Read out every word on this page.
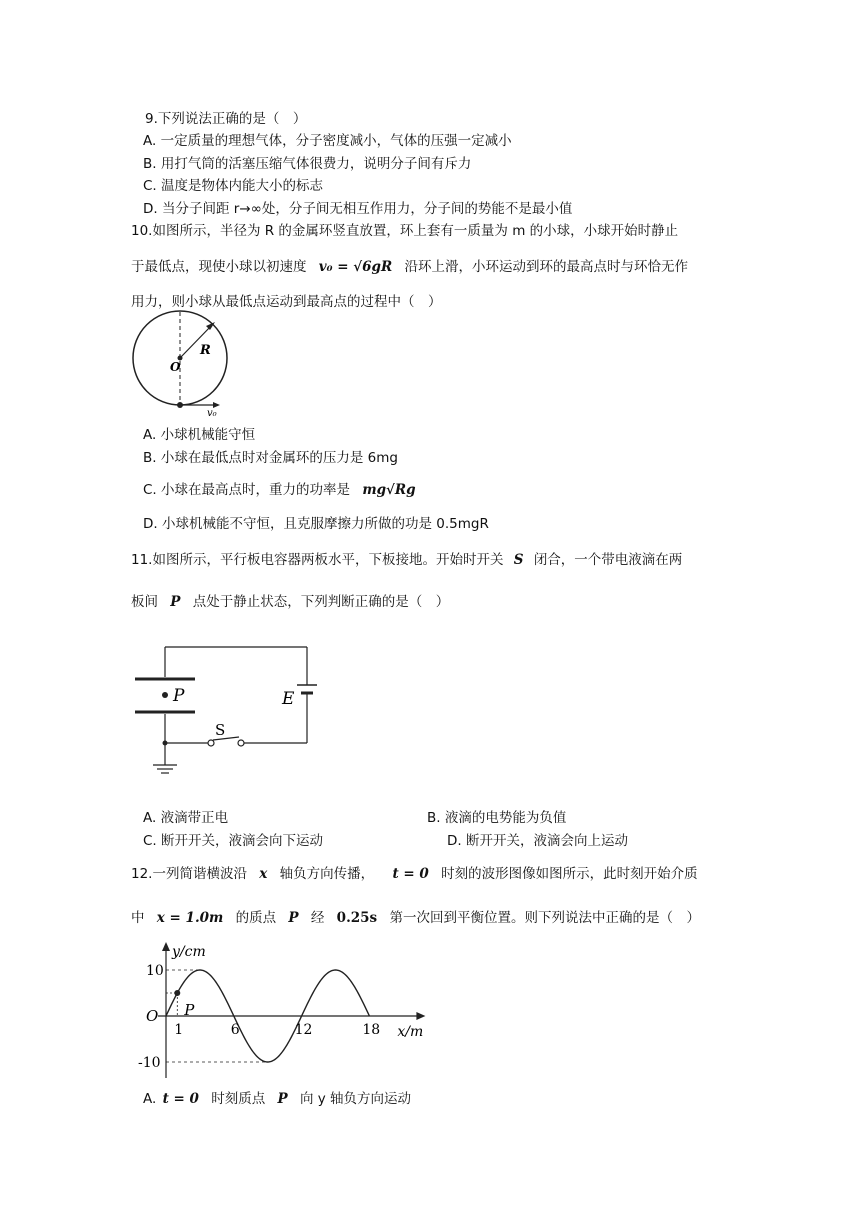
9.下列说法正确的是（　）
A. 一定质量的理想气体，分子密度减小，气体的压强一定减小
B. 用打气筒的活塞压缩气体很费力，说明分子间有斥力
C. 温度是物体内能大小的标志
D. 当分子间距 r→∞处，分子间无相互作用力，分子间的势能不是最小值
10.如图所示，半径为 R 的金属环竖直放置，环上套有一质量为 m 的小球，小球开始时静止
于最低点，现使小球以初速度 v₀ = √6gR 沿环上滑，小环运动到环的最高点时与环恰无作
用力，则小球从最低点运动到最高点的过程中（　）
R
O
v₀
A. 小球机械能守恒
B. 小球在最低点时对金属环的压力是 6mg
C. 小球在最高点时，重力的功率是 mg√Rg
D. 小球机械能不守恒，且克服摩擦力所做的功是 0.5mgR
11.如图所示，平行板电容器两板水平，下板接地。开始时开关 S 闭合，一个带电液滴在两
板间 P 点处于静止状态，下列判断正确的是（　）
P
S
E
A. 液滴带正电	B. 液滴的电势能为负值
C. 断开开关，液滴会向下运动	D. 断开开关，液滴会向上运动
12.一列简谐横波沿 x 轴负方向传播， t = 0 时刻的波形图像如图所示，此时刻开始介质
中 x = 1.0m 的质点 P 经 0.25s 第一次回到平衡位置。则下列说法中正确的是（　）
P
y/cm
x/m
O
10
-10
1	6	12	18
A. t = 0 时刻质点 P 向 y 轴负方向运动
